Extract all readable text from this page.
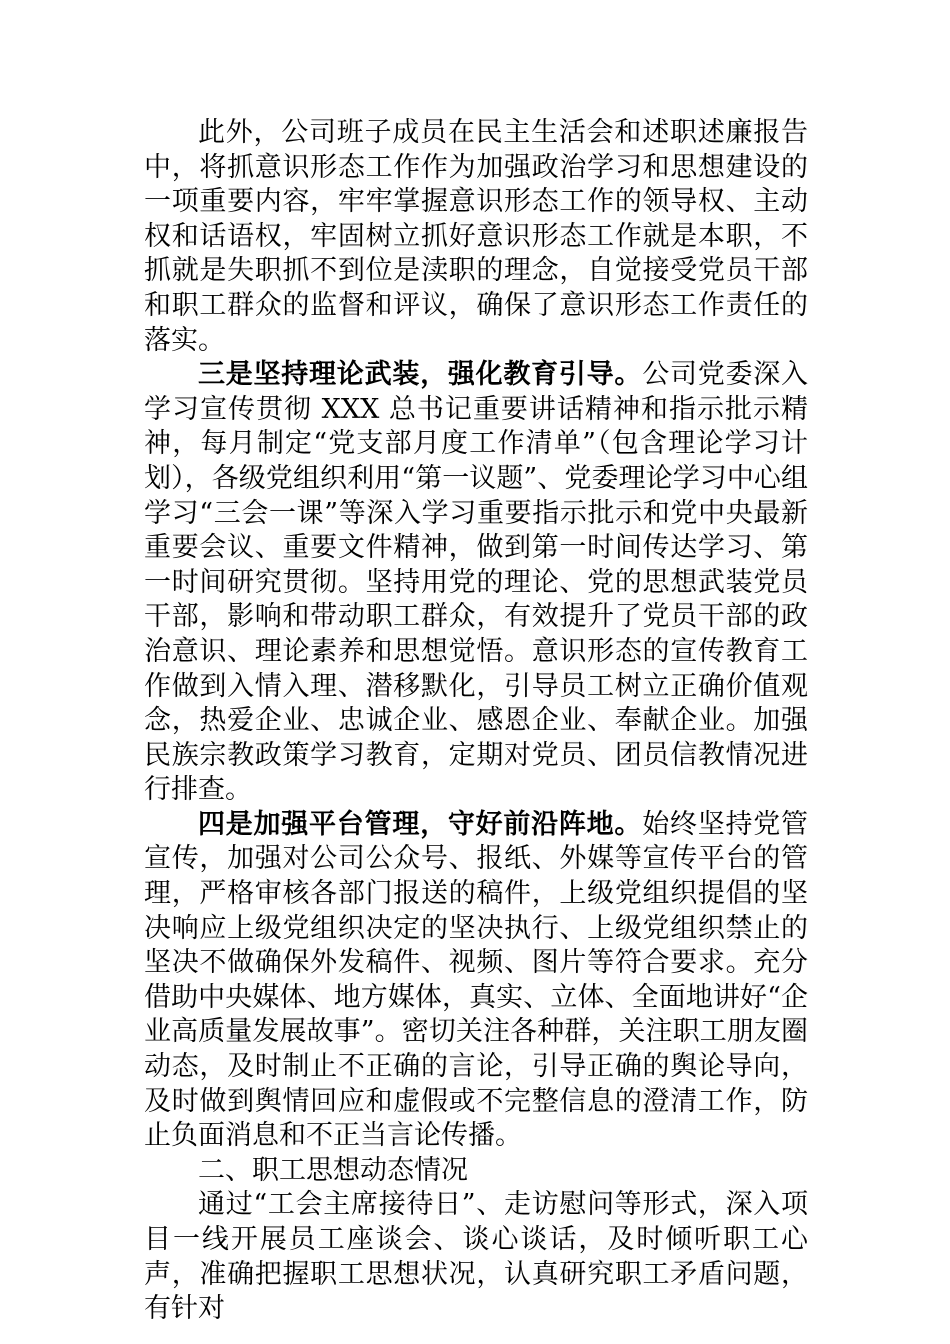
此外，公司班子成员在民主生活会和述职述廉报告中，将抓意识形态工作作为加强政治学习和思想建设的一项重要内容，牢牢掌握意识形态工作的领导权、主动权和话语权，牢固树立抓好意识形态工作就是本职，不抓就是失职抓不到位是渎职的理念，自觉接受党员干部和职工群众的监督和评议，确保了意识形态工作责任的落实。

三是坚持理论武装，强化教育引导。公司党委深入学习宣传贯彻 XXX 总书记重要讲话精神和指示批示精神，每月制定“党支部月度工作清单”（包含理论学习计划），各级党组织利用“第一议题”、党委理论学习中心组学习“三会一课”等深入学习重要指示批示和党中央最新重要会议、重要文件精神，做到第一时间传达学习、第一时间研究贯彻。坚持用党的理论、党的思想武装党员干部，影响和带动职工群众，有效提升了党员干部的政治意识、理论素养和思想觉悟。意识形态的宣传教育工作做到入情入理、潜移默化，引导员工树立正确价值观念，热爱企业、忠诚企业、感恩企业、奉献企业。加强民族宗教政策学习教育，定期对党员、团员信教情况进行排查。

四是加强平台管理，守好前沿阵地。始终坚持党管宣传，加强对公司公众号、报纸、外媒等宣传平台的管理，严格审核各部门报送的稿件，上级党组织提倡的坚决响应上级党组织决定的坚决执行、上级党组织禁止的坚决不做确保外发稿件、视频、图片等符合要求。充分借助中央媒体、地方媒体，真实、立体、全面地讲好“企业高质量发展故事”。密切关注各种群，关注职工朋友圈动态，及时制止不正确的言论，引导正确的舆论导向，及时做到舆情回应和虚假或不完整信息的澄清工作，防止负面消息和不正当言论传播。

二、职工思想动态情况

通过“工会主席接待日”、走访慰问等形式，深入项目一线开展员工座谈会、谈心谈话，及时倾听职工心声，准确把握职工思想状况，认真研究职工矛盾问题，有针对
